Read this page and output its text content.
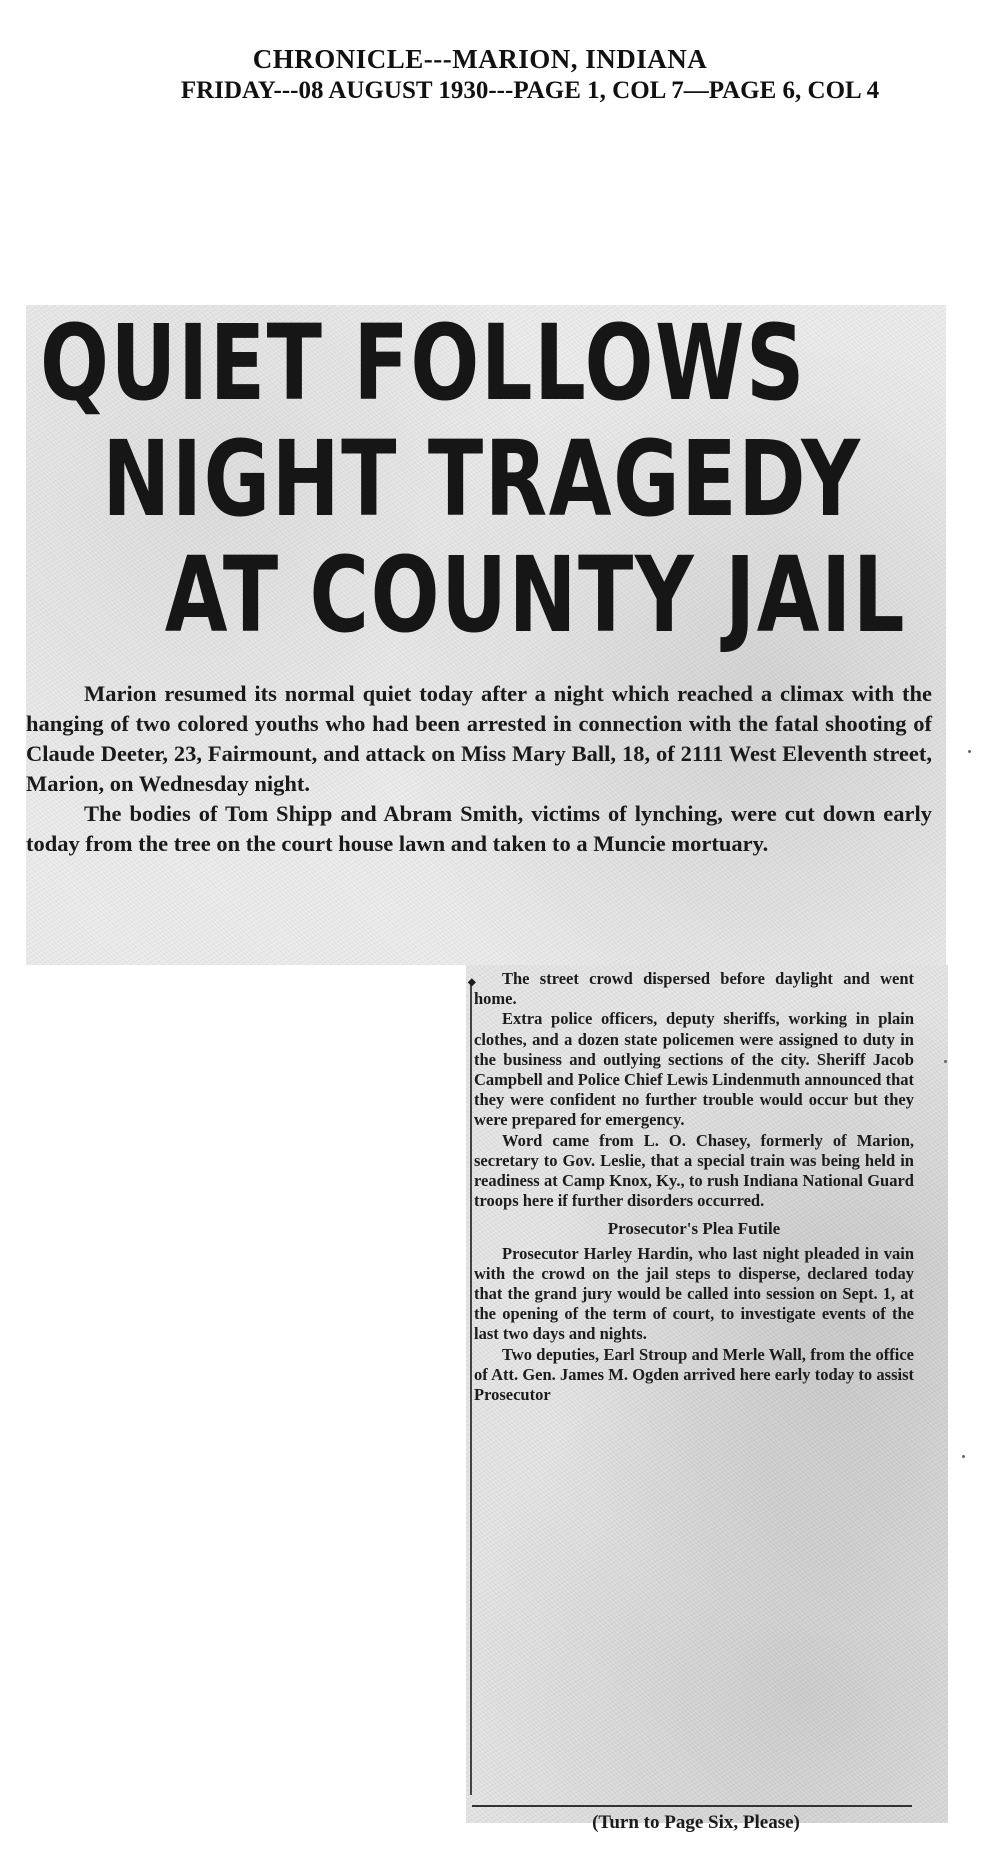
CHRONICLE---MARION, INDIANA
FRIDAY---08 AUGUST 1930---PAGE 1, COL 7—PAGE 6, COL 4
QUIET FOLLOWS
NIGHT TRAGEDY
AT COUNTY JAIL

Marion resumed its normal quiet today after a night which reached a climax with the hanging of two colored youths who had been arrested in connection with the fatal shooting of Claude Deeter, 23, Fairmount, and attack on Miss Mary Ball, 18, of 2111 West Eleventh street, Marion, on Wednesday night.

The bodies of Tom Shipp and Abram Smith, victims of lynching, were cut down early today from the tree on the court house lawn and taken to a Muncie mortuary.

◆	The street crowd dispersed before daylight and went home.

Extra police officers, deputy sheriffs, working in plain clothes, and a dozen state policemen were assigned to duty in the business and outlying sections of the city. Sheriff Jacob Campbell and Police Chief Lewis Lindenmuth announced that they were confident no further trouble would occur but they were prepared for emergency.

Word came from L. O. Chasey, formerly of Marion, secretary to Gov. Leslie, that a special train was being held in readiness at Camp Knox, Ky., to rush Indiana National Guard troops here if further disorders occurred.

Prosecutor's Plea Futile

Prosecutor Harley Hardin, who last night pleaded in vain with the crowd on the jail steps to disperse, declared today that the grand jury would be called into session on Sept. 1, at the opening of the term of court, to investigate events of the last two days and nights.

Two deputies, Earl Stroup and Merle Wall, from the office of Att. Gen. James M. Ogden arrived here early today to assist Prosecutor

(Turn to Page Six, Please)
